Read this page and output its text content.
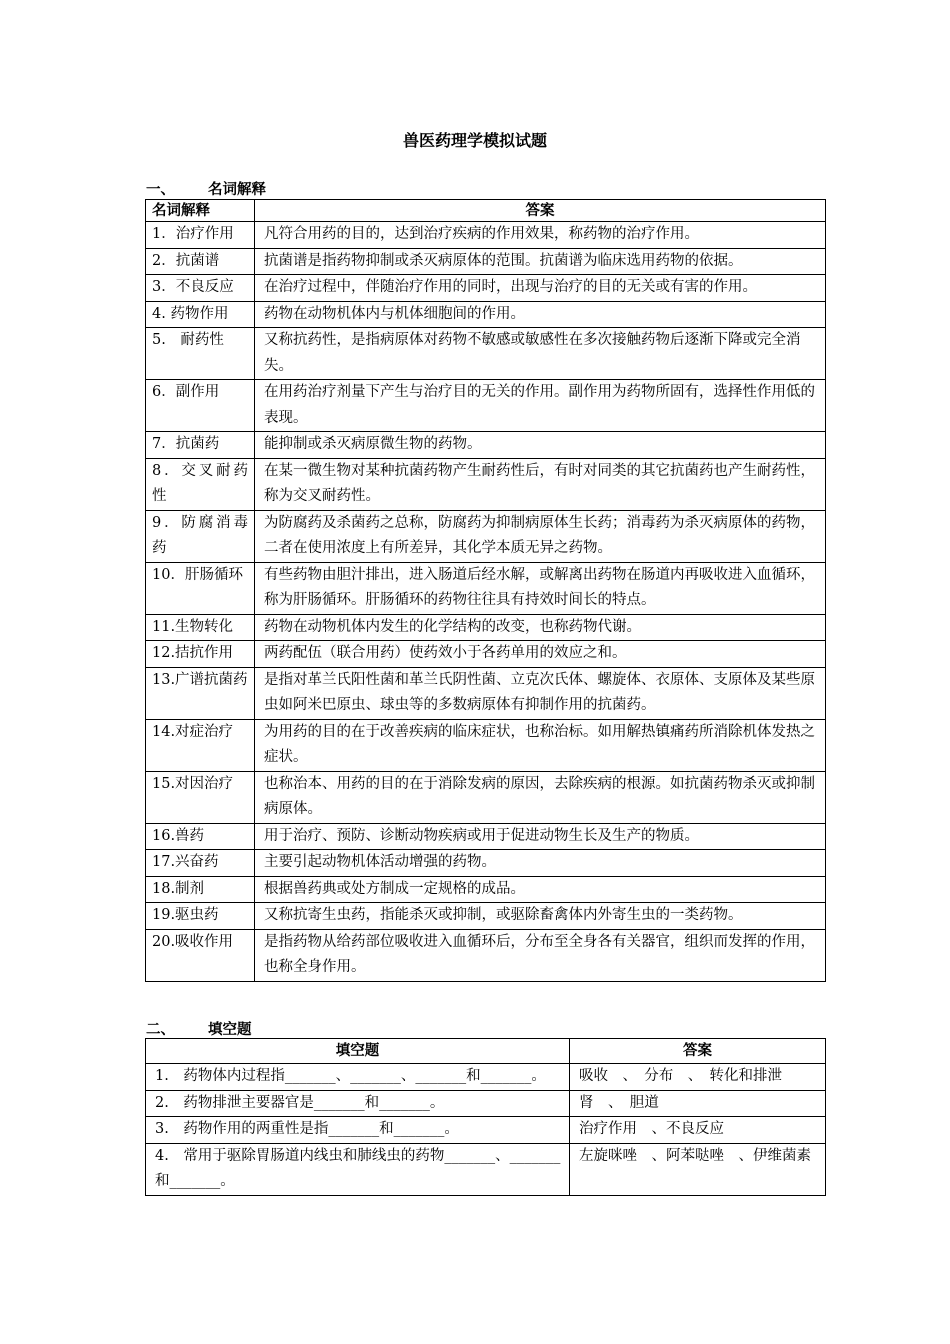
兽医药理学模拟试题
一、 名词解释
名词解释	答案
1．治疗作用	凡符合用药的目的，达到治疗疾病的作用效果，称药物的治疗作用。
2．抗菌谱	抗菌谱是指药物抑制或杀灭病原体的范围。抗菌谱为临床选用药物的依据。
3．不良反应	在治疗过程中，伴随治疗作用的同时，出现与治疗的目的无关或有害的作用。
4. 药物作用	药物在动物机体内与机体细胞间的作用。
5.　耐药性	又称抗药性，是指病原体对药物不敏感或敏感性在多次接触药物后逐渐下降或完全消失。
6．副作用	在用药治疗剂量下产生与治疗目的无关的作用。副作用为药物所固有，选择性作用低的表现。
7．抗菌药	能抑制或杀灭病原微生物的药物。
8．交叉耐药性	在某一微生物对某种抗菌药物产生耐药性后，有时对同类的其它抗菌药也产生耐药性，称为交叉耐药性。
9．防腐消毒药	为防腐药及杀菌药之总称，防腐药为抑制病原体生长药；消毒药为杀灭病原体的药物，二者在使用浓度上有所差异，其化学本质无异之药物。
10．肝肠循环	有些药物由胆汁排出，进入肠道后经水解，或解离出药物在肠道内再吸收进入血循环，称为肝肠循环。肝肠循环的药物往往具有持效时间长的特点。
11.生物转化	药物在动物机体内发生的化学结构的改变，也称药物代谢。
12.拮抗作用	两药配伍（联合用药）使药效小于各药单用的效应之和。
13.广谱抗菌药	是指对革兰氏阳性菌和革兰氏阴性菌、立克次氏体、螺旋体、衣原体、支原体及某些原虫如阿米巴原虫、球虫等的多数病原体有抑制作用的抗菌药。
14.对症治疗	为用药的目的在于改善疾病的临床症状，也称治标。如用解热镇痛药所消除机体发热之症状。
15.对因治疗	也称治本、用药的目的在于消除发病的原因，去除疾病的根源。如抗菌药物杀灭或抑制病原体。
16.兽药	用于治疗、预防、诊断动物疾病或用于促进动物生长及生产的物质。
17.兴奋药	主要引起动物机体活动增强的药物。
18.制剂	根据兽药典或处方制成一定规格的成品。
19.驱虫药	又称抗寄生虫药，指能杀灭或抑制，或驱除畜禽体内外寄生虫的一类药物。
20.吸收作用	是指药物从给药部位吸收进入血循环后，分布至全身各有关器官，组织而发挥的作用，也称全身作用。
二、 填空题
填空题	答案
1.　药物体内过程指_______、_______、_______和_______。	吸收　、　分布　、　转化和排泄
2.　药物排泄主要器官是_______和_______。	肾　、　胆道
3.　药物作用的两重性是指_______和_______。	治疗作用　、不良反应
4.　常用于驱除胃肠道内线虫和肺线虫的药物_______、_______和_______。	左旋咪唑　、阿苯哒唑　、伊维菌素
